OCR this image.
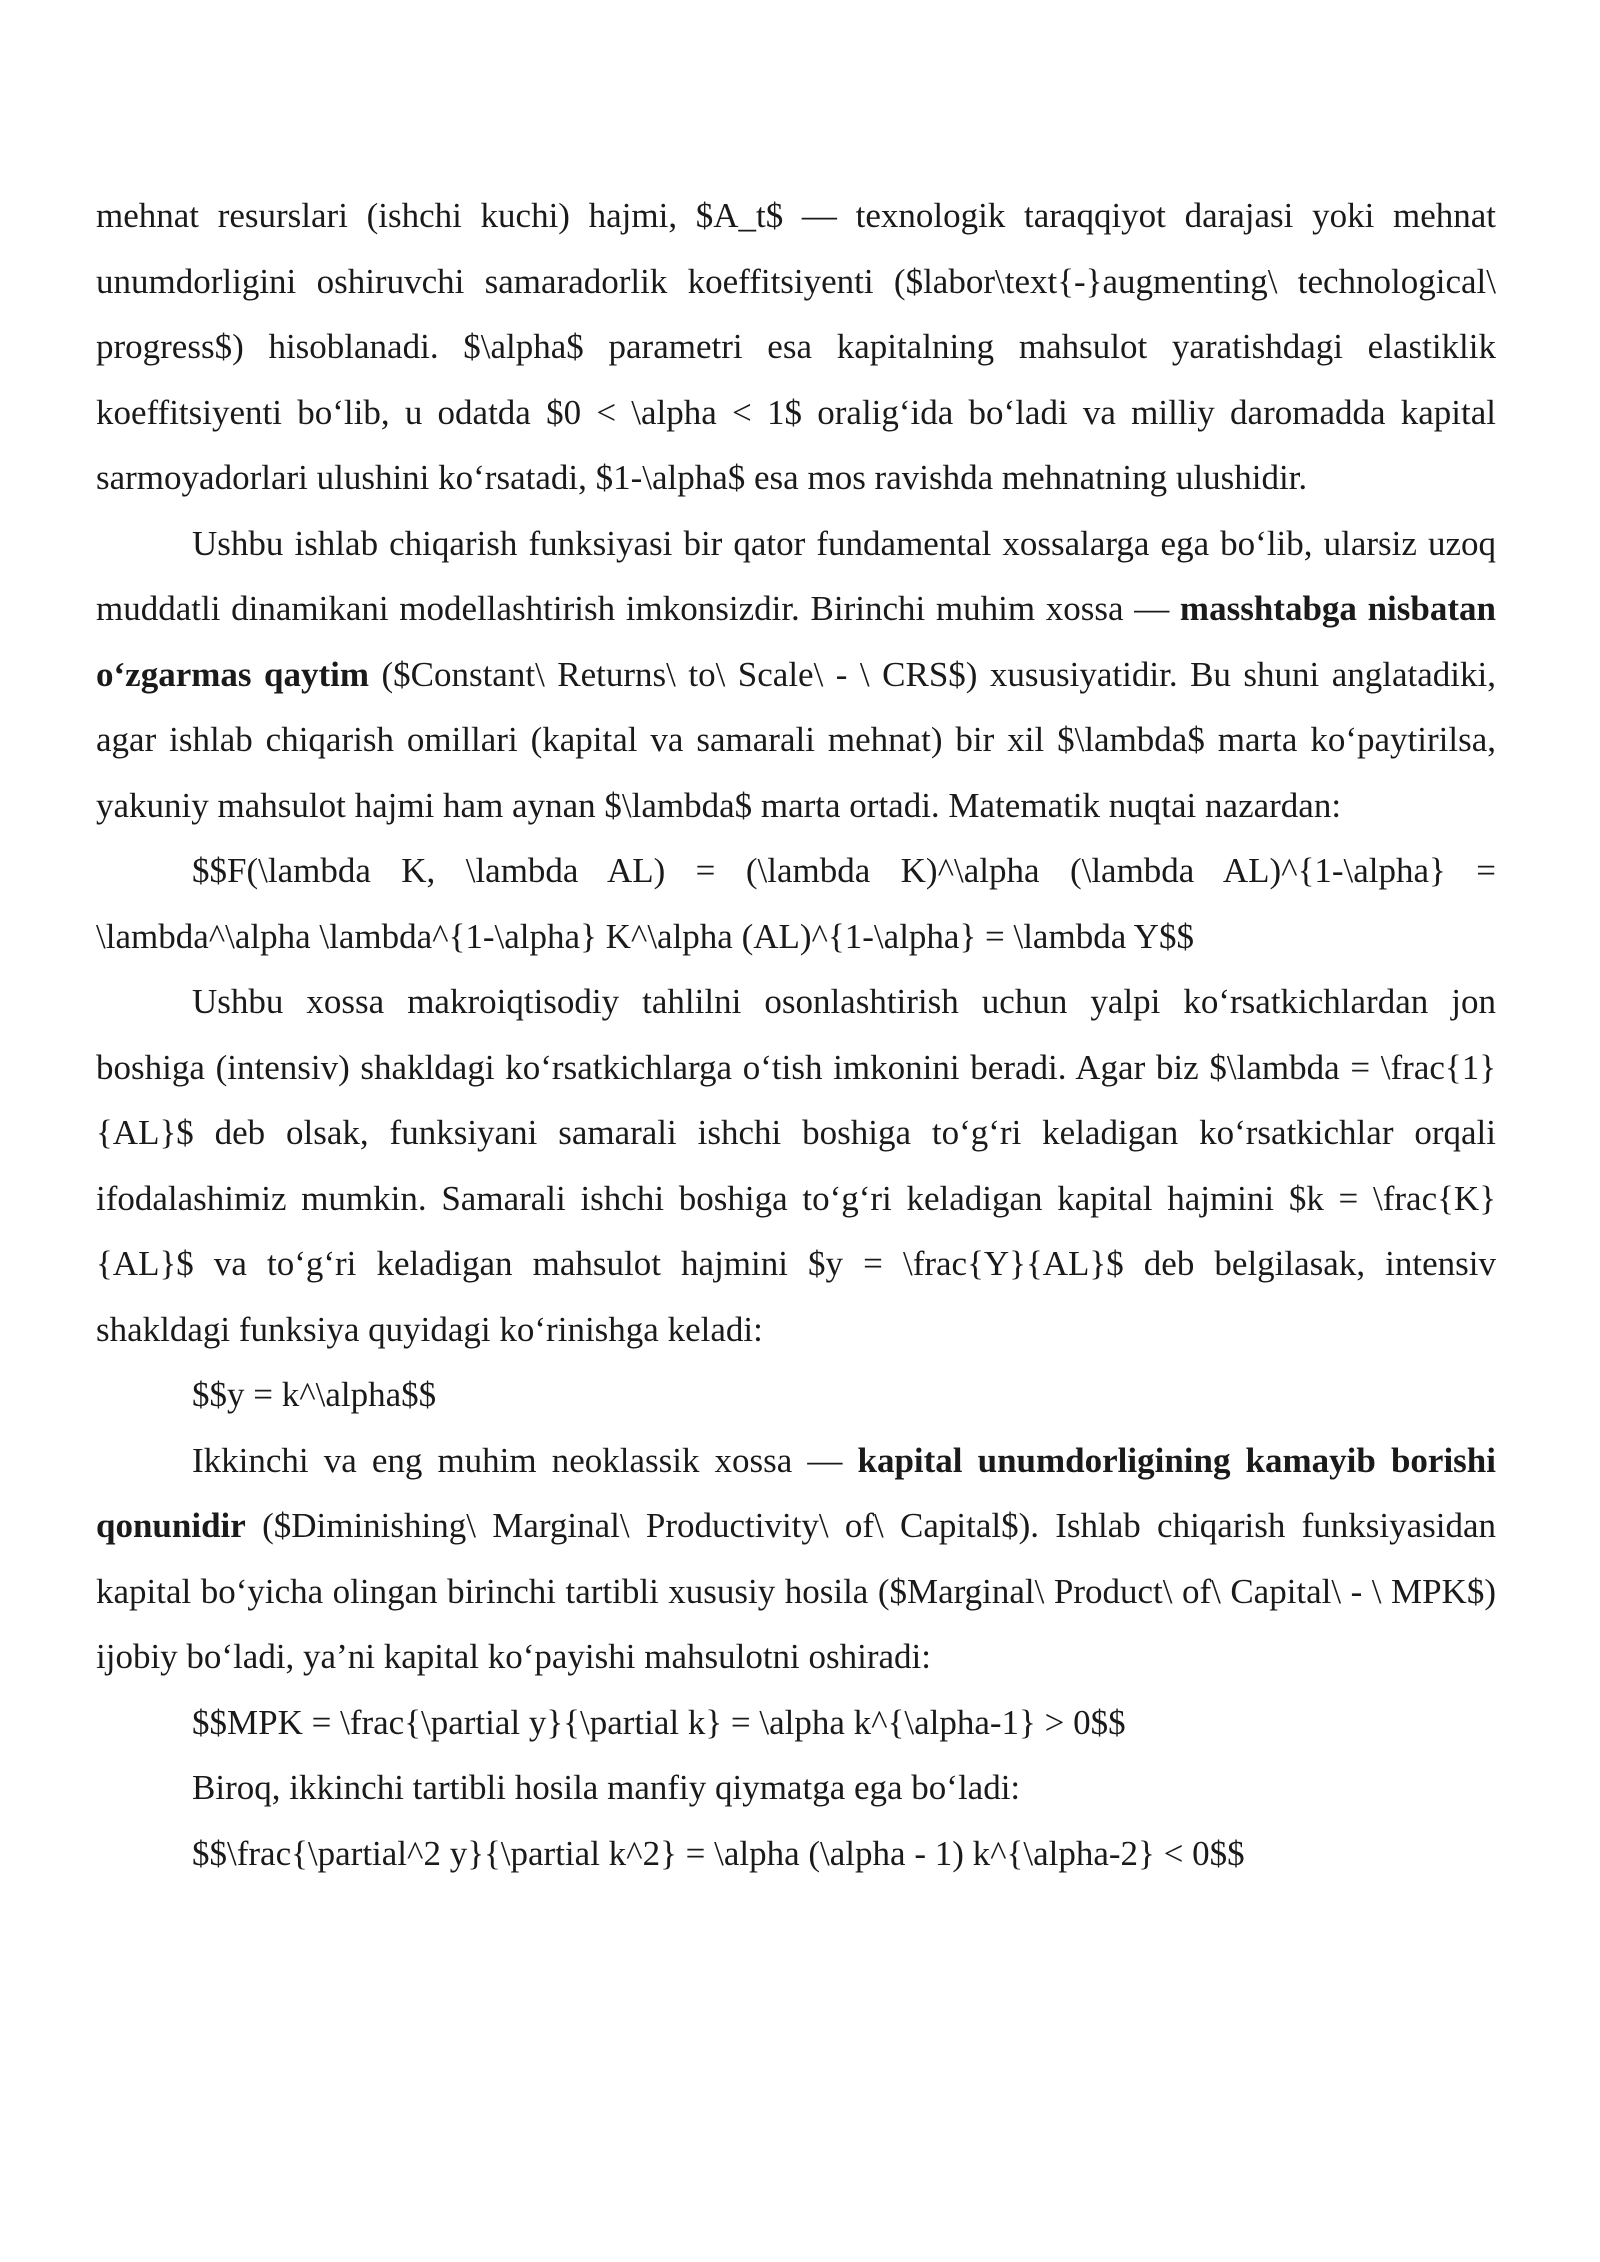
mehnat resurslari (ishchi kuchi) hajmi, $A_t$ — texnologik taraqqiyot darajasi yoki mehnat unumdorligini oshiruvchi samaradorlik koeffitsiyenti ($labor\text{-}augmenting\ technological\ progress$) hisoblanadi. $\alpha$ parametri esa kapitalning mahsulot yaratishdagi elastiklik koeffitsiyenti bo‘lib, u odatda $0 < \alpha < 1$ oralig‘ida bo‘ladi va milliy daromadda kapital sarmoyadorlari ulushini ko‘rsatadi, $1-\alpha$ esa mos ravishda mehnatning ulushidir.

Ushbu ishlab chiqarish funksiyasi bir qator fundamental xossalarga ega bo‘lib, ularsiz uzoq muddatli dinamikani modellashtirish imkonsizdir. Birinchi muhim xossa — masshtabga nisbatan o‘zgarmas qaytim ($Constant\ Returns\ to\ Scale\ - \ CRS$) xususiyatidir. Bu shuni anglatadiki, agar ishlab chiqarish omillari (kapital va samarali mehnat) bir xil $\lambda$ marta ko‘paytirilsa, yakuniy mahsulot hajmi ham aynan $\lambda$ marta ortadi. Matematik nuqtai nazardan:

$$F(\lambda K, \lambda AL) = (\lambda K)^\alpha (\lambda AL)^{1-\alpha} = \lambda^\alpha \lambda^{1-\alpha} K^\alpha (AL)^{1-\alpha} = \lambda Y$$

Ushbu xossa makroiqtisodiy tahlilni osonlashtirish uchun yalpi ko‘rsatkichlardan jon boshiga (intensiv) shakldagi ko‘rsatkichlarga o‘tish imkonini beradi. Agar biz $\lambda = \frac{1}{AL}$ deb olsak, funksiyani samarali ishchi boshiga to‘g‘ri keladigan ko‘rsatkichlar orqali ifodalashimiz mumkin. Samarali ishchi boshiga to‘g‘ri keladigan kapital hajmini $k = \frac{K}{AL}$ va to‘g‘ri keladigan mahsulot hajmini $y = \frac{Y}{AL}$ deb belgilasak, intensiv shakldagi funksiya quyidagi ko‘rinishga keladi:

$$y = k^\alpha$$

Ikkinchi va eng muhim neoklassik xossa — kapital unumdorligining kamayib borishi qonunidir ($Diminishing\ Marginal\ Productivity\ of\ Capital$). Ishlab chiqarish funksiyasidan kapital bo‘yicha olingan birinchi tartibli xususiy hosila ($Marginal\ Product\ of\ Capital\ - \ MPK$) ijobiy bo‘ladi, ya’ni kapital ko‘payishi mahsulotni oshiradi:

$$MPK = \frac{\partial y}{\partial k} = \alpha k^{\alpha-1} > 0$$

Biroq, ikkinchi tartibli hosila manfiy qiymatga ega bo‘ladi:

$$\frac{\partial^2 y}{\partial k^2} = \alpha (\alpha - 1) k^{\alpha-2} < 0$$
